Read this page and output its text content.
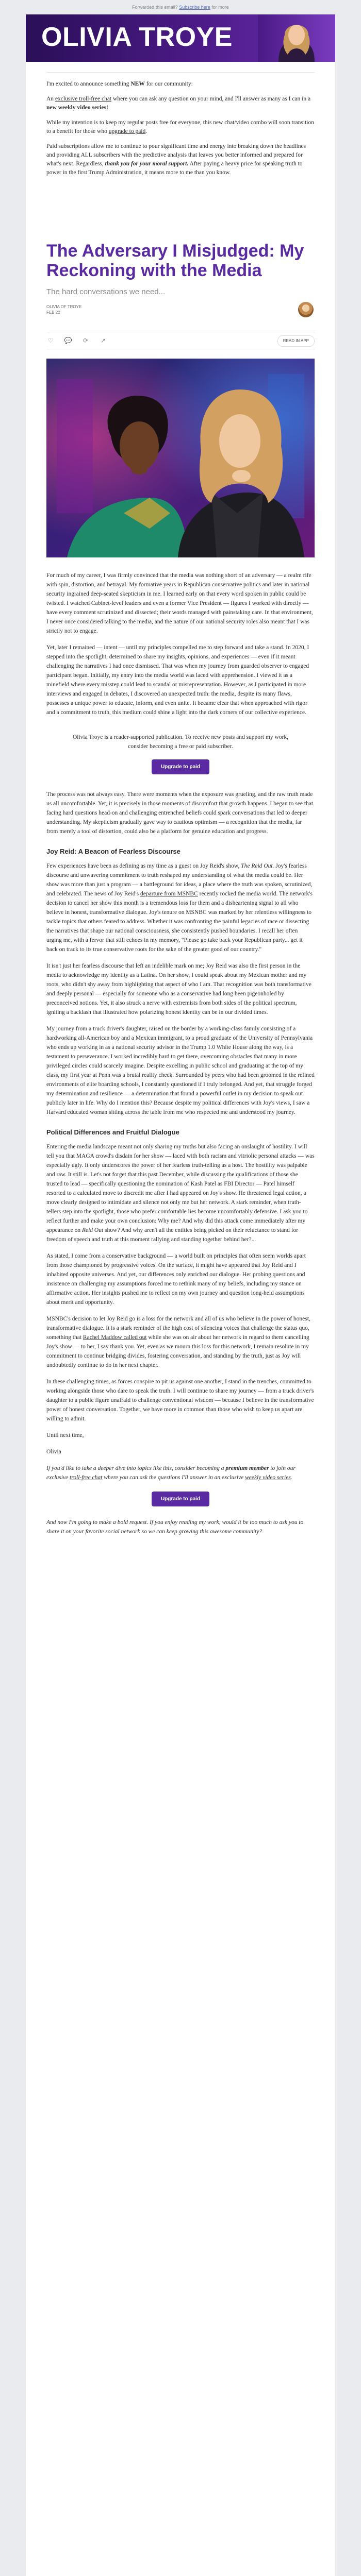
Forwarded this email? Subscribe here for more
OLIVIA TROYE

I'm excited to announce something NEW for our community:

An exclusive troll-free chat where you can ask any question on your mind, and I'll answer as many as I can in a new weekly video series!

While my intention is to keep my regular posts free for everyone, this new chat/video combo will soon transition to a benefit for those who upgrade to paid.

Paid subscriptions allow me to continue to pour significant time and energy into breaking down the headlines and providing ALL subscribers with the predictive analysis that leaves you better informed and prepared for what's next. Regardless, thank you for your moral support. After paying a heavy price for speaking truth to power in the first Trump Administration, it means more to me than you know.

The Adversary I Misjudged: My Reckoning with the Media

The hard conversations we need...

OLIVIA OF TROYE
FEB 22
♡ 💬 ⟳ ↗	READ IN APP

For much of my career, I was firmly convinced that the media was nothing short of an adversary — a realm rife with spin, distortion, and betrayal. My formative years in Republican conservative politics and later in national security ingrained deep-seated skepticism in me. I learned early on that every word spoken in public could be twisted. I watched Cabinet-level leaders and even a former Vice President — figures I worked with directly — have every comment scrutinized and dissected; their words managed with painstaking care. In that environment, I never once considered talking to the media, and the nature of our national security roles also meant that I was strictly not to engage.

Yet, later I remained — intent — until my principles compelled me to step forward and take a stand. In 2020, I stepped into the spotlight, determined to share my insights, opinions, and experiences — even if it meant challenging the narratives I had once dismissed. That was when my journey from guarded observer to engaged participant began. Initially, my entry into the media world was laced with apprehension. I viewed it as a minefield where every misstep could lead to scandal or misrepresentation. However, as I participated in more interviews and engaged in debates, I discovered an unexpected truth: the media, despite its many flaws, possesses a unique power to educate, inform, and even unite. It became clear that when approached with rigor and a commitment to truth, this medium could shine a light into the dark corners of our collective experience.

Olivia Troye is a reader-supported publication. To receive new posts and support my work, consider becoming a free or paid subscriber.

Upgrade to paid

The process was not always easy. There were moments when the exposure was grueling, and the raw truth made us all uncomfortable. Yet, it is precisely in those moments of discomfort that growth happens. I began to see that facing hard questions head-on and challenging entrenched beliefs could spark conversations that led to deeper understanding. My skepticism gradually gave way to cautious optimism — a recognition that the media, far from merely a tool of distortion, could also be a platform for genuine education and progress.

Joy Reid: A Beacon of Fearless Discourse

Few experiences have been as defining as my time as a guest on Joy Reid's show, The Reid Out. Joy's fearless discourse and unwavering commitment to truth reshaped my understanding of what the media could be. Her show was more than just a program — a battleground for ideas, a place where the truth was spoken, scrutinized, and celebrated. The news of Joy Reid's departure from MSNBC recently rocked the media world. The network's decision to cancel her show this month is a tremendous loss for them and a disheartening signal to all who believe in honest, transformative dialogue. Joy's tenure on MSNBC was marked by her relentless willingness to tackle topics that others feared to address. Whether it was confronting the painful legacies of race or dissecting the narratives that shape our national consciousness, she consistently pushed boundaries. I recall her often urging me, with a fervor that still echoes in my memory, "Please go take back your Republican party... get it back on track to its true conservative roots for the sake of the greater good of our country."

It isn't just her fearless discourse that left an indelible mark on me; Joy Reid was also the first person in the media to acknowledge my identity as a Latina. On her show, I could speak about my Mexican mother and my roots, who didn't shy away from highlighting that aspect of who I am. That recognition was both transformative and deeply personal — especially for someone who as a conservative had long been pigeonholed by preconceived notions. Yet, it also struck a nerve with extremists from both sides of the political spectrum, igniting a backlash that illustrated how polarizing honest identity can be in our divided times.

My journey from a truck driver's daughter, raised on the border by a working-class family consisting of a hardworking all-American boy and a Mexican immigrant, to a proud graduate of the University of Pennsylvania who ends up working in as a national security advisor in the Trump 1.0 White House along the way, is a testament to perseverance. I worked incredibly hard to get there, overcoming obstacles that many in more privileged circles could scarcely imagine. Despite excelling in public school and graduating at the top of my class, my first year at Penn was a brutal reality check. Surrounded by peers who had been groomed in the refined environments of elite boarding schools, I constantly questioned if I truly belonged. And yet, that struggle forged my determination and resilience — a determination that found a powerful outlet in my decision to speak out publicly later in life. Why do I mention this? Because despite my political differences with Joy's views, I saw a Harvard educated woman sitting across the table from me who respected me and understood my journey.

Political Differences and Fruitful Dialogue

Entering the media landscape meant not only sharing my truths but also facing an onslaught of hostility. I will tell you that MAGA crowd's disdain for her show — laced with both racism and vitriolic personal attacks — was especially ugly. It only underscores the power of her fearless truth-telling as a host. The hostility was palpable and raw. It still is. Let's not forget that this past December, while discussing the qualifications of those she trusted to lead — specifically questioning the nomination of Kash Patel as FBI Director — Patel himself resorted to a calculated move to discredit me after I had appeared on Joy's show. He threatened legal action, a move clearly designed to intimidate and silence not only me but her network. A stark reminder, when truth-tellers step into the spotlight, those who prefer comfortable lies become uncomfortably defensive. I ask you to reflect further and make your own conclusion: Why me? And why did this attack come immediately after my appearance on Reid Out show? And why aren't all the entities being picked on their reluctance to stand for freedom of speech and truth at this moment rallying and standing together behind her?...

As stated, I come from a conservative background — a world built on principles that often seem worlds apart from those championed by progressive voices. On the surface, it might have appeared that Joy Reid and I inhabited opposite universes. And yet, our differences only enriched our dialogue. Her probing questions and insistence on challenging my assumptions forced me to rethink many of my beliefs, including my stance on affirmative action. Her insights pushed me to reflect on my own journey and question long-held assumptions about merit and opportunity.

MSNBC's decision to let Joy Reid go is a loss for the network and all of us who believe in the power of honest, transformative dialogue. It is a stark reminder of the high cost of silencing voices that challenge the status quo, something that Rachel Maddow called out while she was on air about her network in regard to them cancelling Joy's show — to her, I say thank you. Yet, even as we mourn this loss for this network, I remain resolute in my commitment to continue bridging divides, fostering conversation, and standing by the truth, just as Joy will undoubtedly continue to do in her next chapter.

In these challenging times, as forces conspire to pit us against one another, I stand in the trenches, committed to working alongside those who dare to speak the truth. I will continue to share my journey — from a truck driver's daughter to a public figure unafraid to challenge conventional wisdom — because I believe in the transformative power of honest conversation. Together, we have more in common than those who wish to keep us apart are willing to admit.

Until next time,

Olivia

If you'd like to take a deeper dive into topics like this, consider becoming a premium member to join our exclusive troll-free chat where you can ask the questions I'll answer in an exclusive weekly video series.

Upgrade to paid

And now I'm going to make a bold request. If you enjoy reading my work, would it be too much to ask you to share it on your favorite social network so we can keep growing this awesome community?
